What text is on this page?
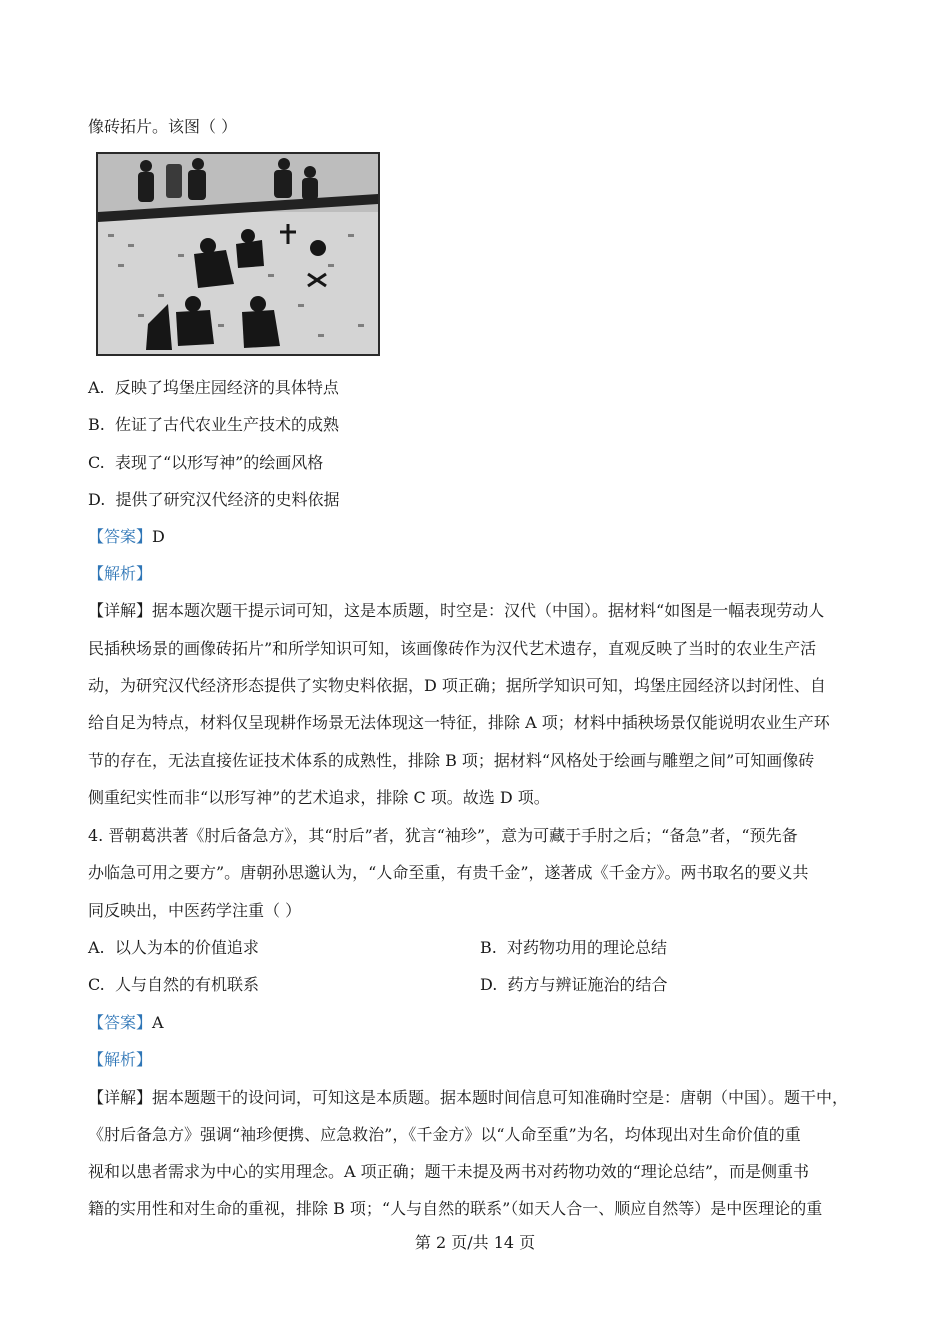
像砖拓片。该图（ ）
A. 反映了坞堡庄园经济的具体特点
B. 佐证了古代农业生产技术的成熟
C. 表现了“以形写神”的绘画风格
D. 提供了研究汉代经济的史料依据
【答案】D
【解析】
【详解】据本题次题干提示词可知，这是本质题，时空是：汉代（中国）。据材料“如图是一幅表现劳动人
民插秧场景的画像砖拓片”和所学知识可知，该画像砖作为汉代艺术遗存，直观反映了当时的农业生产活
动，为研究汉代经济形态提供了实物史料依据，D 项正确；据所学知识可知，坞堡庄园经济以封闭性、自
给自足为特点，材料仅呈现耕作场景无法体现这一特征，排除 A 项；材料中插秧场景仅能说明农业生产环
节的存在，无法直接佐证技术体系的成熟性，排除 B 项；据材料“风格处于绘画与雕塑之间”可知画像砖
侧重纪实性而非“以形写神”的艺术追求，排除 C 项。故选 D 项。
4. 晋朝葛洪著《肘后备急方》，其“肘后”者，犹言“袖珍”，意为可藏于手肘之后；“备急”者，“预先备
办临急可用之要方”。唐朝孙思邈认为，“人命至重，有贵千金”，遂著成《千金方》。两书取名的要义共
同反映出，中医药学注重（ ）
A. 以人为本的价值追求	B. 对药物功用的理论总结
C. 人与自然的有机联系	D. 药方与辨证施治的结合
【答案】A
【解析】
【详解】据本题题干的设问词，可知这是本质题。据本题时间信息可知准确时空是：唐朝（中国）。题干中，
《肘后备急方》强调“袖珍便携、应急救治”，《千金方》以“人命至重”为名，均体现出对生命价值的重
视和以患者需求为中心的实用理念。A 项正确；题干未提及两书对药物功效的“理论总结”，而是侧重书
籍的实用性和对生命的重视，排除 B 项；“人与自然的联系”（如天人合一、顺应自然等）是中医理论的重
第 2 页/共 14 页
